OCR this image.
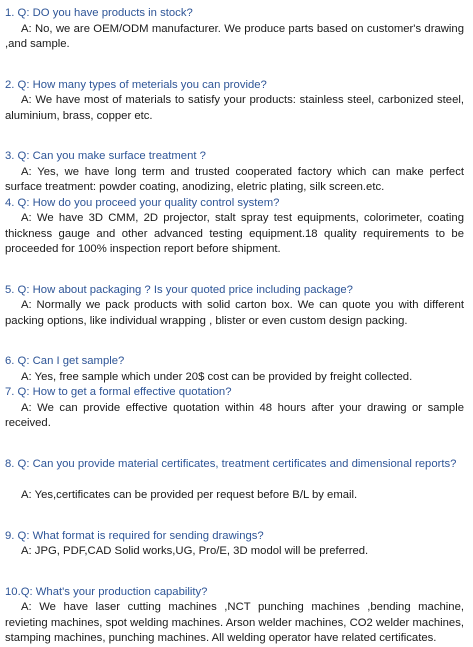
1. Q: DO you have products in stock?

A: No, we are OEM/ODM manufacturer. We produce parts based on customer's drawing ,and sample.

2. Q: How many types of meterials you can provide?

A: We have most of materials to satisfy your products: stainless steel, carbonized steel, aluminium, brass, copper etc.

3. Q: Can you make surface treatment ?

A: Yes, we have long term and trusted cooperated factory which can make perfect surface treatment: powder coating, anodizing, eletric plating, silk screen.etc.

4. Q: How do you proceed your quality control system?

A: We have 3D CMM, 2D projector, stalt spray test equipments, colorimeter, coating thickness gauge and other advanced testing equipment.18 quality requirements to be proceeded for 100% inspection report before shipment.

5. Q: How about packaging ? Is your quoted price including package?

A: Normally we pack products with solid carton box. We can quote you with different packing options, like individual wrapping , blister or even custom design packing.

6. Q: Can I get sample?

A: Yes, free sample which under 20$ cost can be provided by freight collected.

7. Q: How to get a formal effective quotation?

A: We can provide effective quotation within 48 hours after your drawing or sample received.

8. Q: Can you provide material certificates, treatment certificates and dimensional reports?

A: Yes,certificates can be provided per request before B/L by email.

9. Q: What format is required for sending drawings?

A: JPG, PDF,CAD Solid works,UG, Pro/E, 3D modol will be preferred.

10.Q: What's your production capability?

A: We have laser cutting machines ,NCT punching machines ,bending machine, revieting machines, spot welding machines. Arson welder machines, CO2 welder machines, stamping machines, punching machines. All welding operator have related certificates.
